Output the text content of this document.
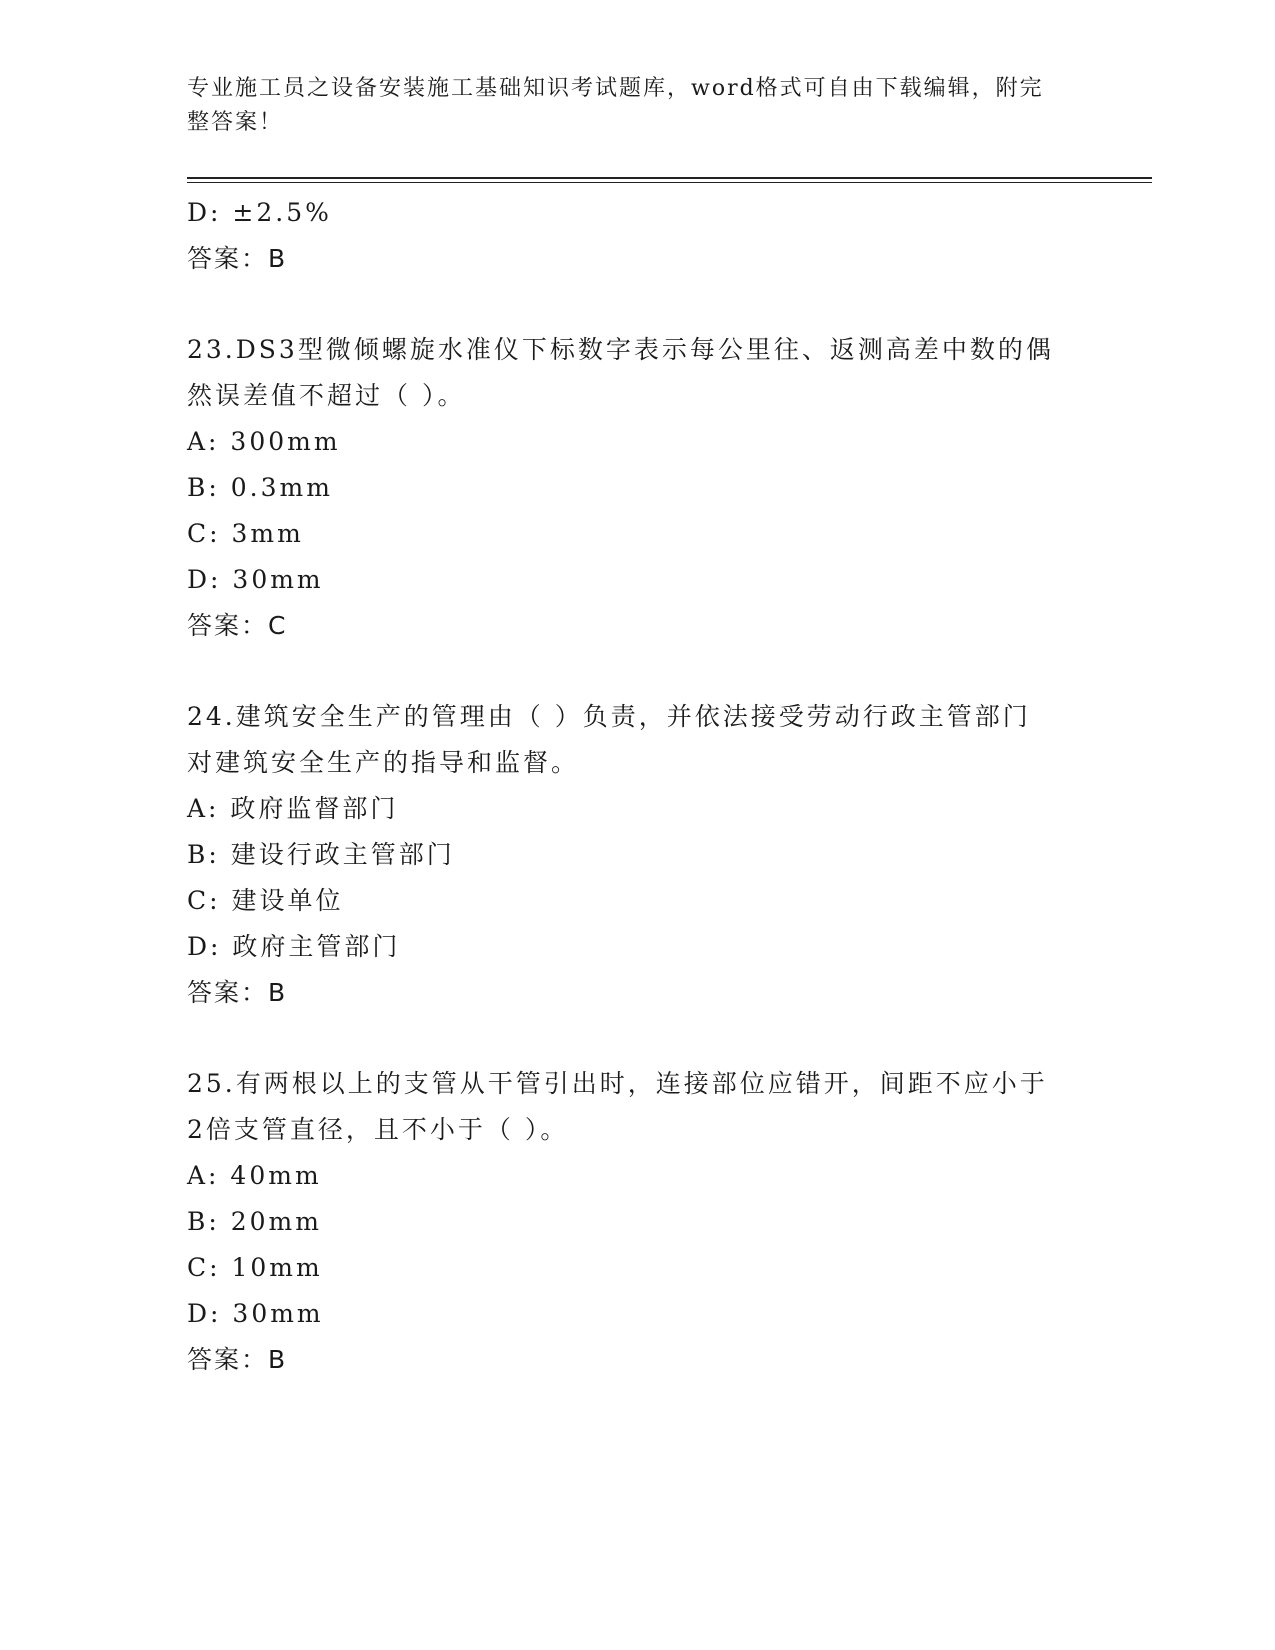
专业施工员之设备安装施工基础知识考试题库，word格式可自由下载编辑，附完
整答案！
D: ±2.5%
答案：B
23.DS3型微倾螺旋水准仪下标数字表示每公里往、返测高差中数的偶
然误差值不超过（ ）。
A: 300mm
B: 0.3mm
C: 3mm
D: 30mm
答案：C
24.建筑安全生产的管理由（ ）负责，并依法接受劳动行政主管部门
对建筑安全生产的指导和监督。
A: 政府监督部门
B: 建设行政主管部门
C: 建设单位
D: 政府主管部门
答案：B
25.有两根以上的支管从干管引出时，连接部位应错开，间距不应小于
2倍支管直径，且不小于（ ）。
A: 40mm
B: 20mm
C: 10mm
D: 30mm
答案：B
